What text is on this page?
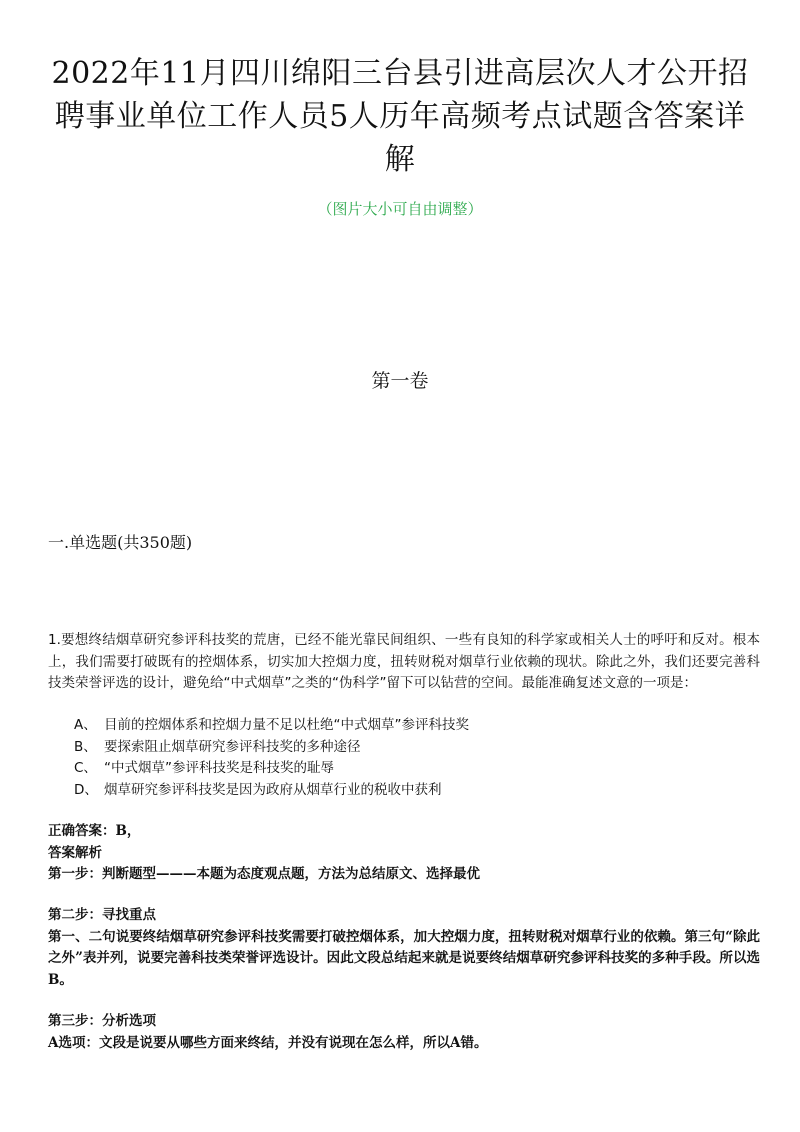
2022年11月四川绵阳三台县引进高层次人才公开招聘事业单位工作人员5人历年高频考点试题含答案详解
（图片大小可自由调整）
第一卷
一.单选题(共350题)
1.要想终结烟草研究参评科技奖的荒唐，已经不能光靠民间组织、一些有良知的科学家或相关人士的呼吁和反对。根本上，我们需要打破既有的控烟体系，切实加大控烟力度，扭转财税对烟草行业依赖的现状。除此之外，我们还要完善科技类荣誉评选的设计，避免给“中式烟草”之类的“伪科学”留下可以钻营的空间。最能准确复述文意的一项是：
A、 目前的控烟体系和控烟力量不足以杜绝“中式烟草”参评科技奖
B、 要探索阻止烟草研究参评科技奖的多种途径
C、 “中式烟草”参评科技奖是科技奖的耻辱
D、 烟草研究参评科技奖是因为政府从烟草行业的税收中获利

正确答案：B，

答案解析

第一步：判断题型———本题为态度观点题，方法为总结原文、选择最优

第二步：寻找重点

第一、二句说要终结烟草研究参评科技奖需要打破控烟体系，加大控烟力度，扭转财税对烟草行业的依赖。第三句“除此之外”表并列，说要完善科技类荣誉评选设计。因此文段总结起来就是说要终结烟草研究参评科技奖的多种手段。所以选B。

第三步：分析选项

A选项：文段是说要从哪些方面来终结，并没有说现在怎么样，所以A错。
